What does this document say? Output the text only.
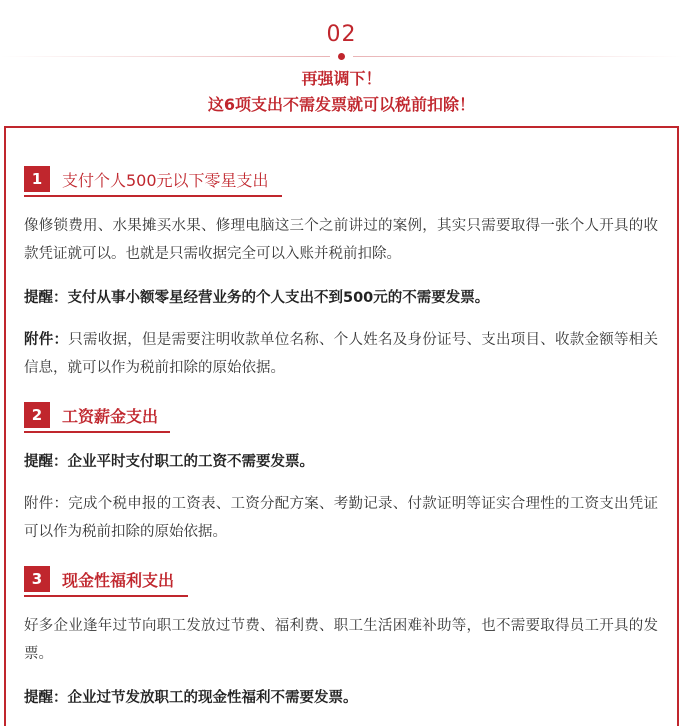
02
再强调下！
这6项支出不需发票就可以税前扣除！
1	支付个人500元以下零星支出
像修锁费用、水果摊买水果、修理电脑这三个之前讲过的案例，其实只需要取得一张个人开具的收款凭证就可以。也就是只需收据完全可以入账并税前扣除。
提醒：支付从事小额零星经营业务的个人支出不到500元的不需要发票。
附件：只需收据，但是需要注明收款单位名称、个人姓名及身份证号、支出项目、收款金额等相关信息，就可以作为税前扣除的原始依据。
2	工资薪金支出
提醒：企业平时支付职工的工资不需要发票。
附件：完成个税申报的工资表、工资分配方案、考勤记录、付款证明等证实合理性的工资支出凭证可以作为税前扣除的原始依据。
3	现金性福利支出
好多企业逢年过节向职工发放过节费、福利费、职工生活困难补助等，也不需要取得员工开具的发票。
提醒：企业过节发放职工的现金性福利不需要发票。
